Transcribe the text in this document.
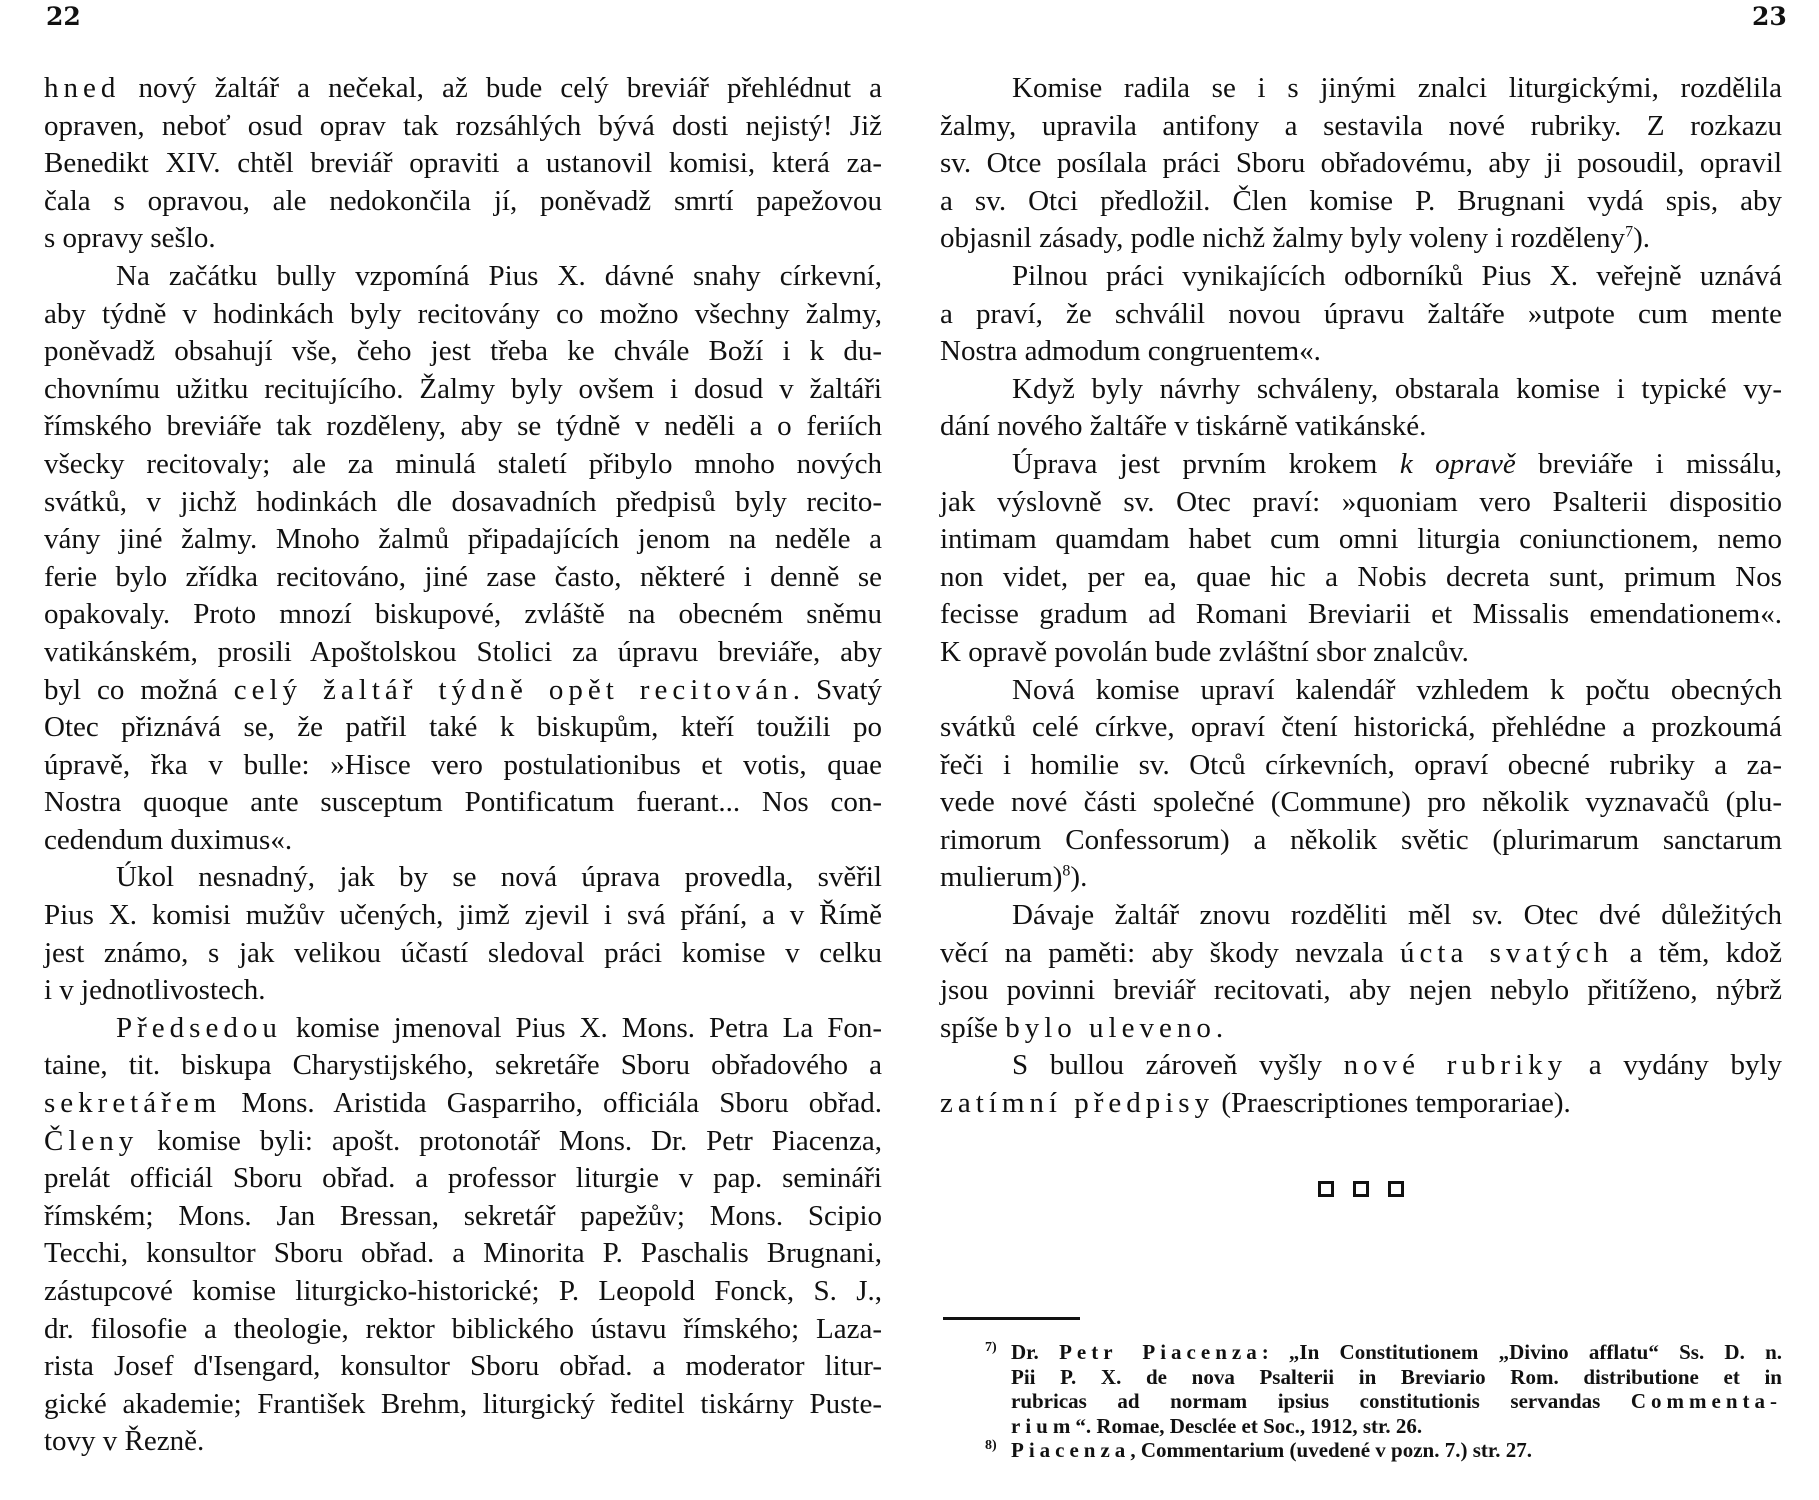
22	23
hned nový žaltář a nečekal, až bude celý breviář přehlédnut a
opraven, neboť osud oprav tak rozsáhlých bývá dosti nejistý! Již
Benedikt XIV. chtěl breviář opraviti a ustanovil komisi, která za-
čala s opravou, ale nedokončila jí, poněvadž smrtí papežovou
s opravy sešlo.
Na začátku bully vzpomíná Pius X. dávné snahy církevní,
aby týdně v hodinkách byly recitovány co možno všechny žalmy,
poněvadž obsahují vše, čeho jest třeba ke chvále Boží i k du-
chovnímu užitku recitujícího. Žalmy byly ovšem i dosud v žaltáři
římského breviáře tak rozděleny, aby se týdně v neděli a o feriích
všecky recitovaly; ale za minulá staletí přibylo mnoho nových
svátků, v jichž hodinkách dle dosavadních předpisů byly recito-
vány jiné žalmy. Mnoho žalmů připadajících jenom na neděle a
ferie bylo zřídka recitováno, jiné zase často, některé i denně se
opakovaly. Proto mnozí biskupové, zvláště na obecném sněmu
vatikánském, prosili Apoštolskou Stolici za úpravu breviáře, aby
byl co možná celý žaltář týdně opět recitován. Svatý
Otec přiznává se, že patřil také k biskupům, kteří toužili po
úpravě, řka v bulle: »Hisce vero postulationibus et votis, quae
Nostra quoque ante susceptum Pontificatum fuerant... Nos con-
cedendum duximus«.
Úkol nesnadný, jak by se nová úprava provedla, svěřil
Pius X. komisi mužův učených, jimž zjevil i svá přání, a v Římě
jest známo, s jak velikou účastí sledoval práci komise v celku
i v jednotlivostech.
Předsedou komise jmenoval Pius X. Mons. Petra La Fon-
taine, tit. biskupa Charystijského, sekretáře Sboru obřadového a
sekretářem Mons. Aristida Gasparriho, officiála Sboru obřad.
Členy komise byli: apošt. protonotář Mons. Dr. Petr Piacenza,
prelát officiál Sboru obřad. a professor liturgie v pap. semináři
římském; Mons. Jan Bressan, sekretář papežův; Mons. Scipio
Tecchi, konsultor Sboru obřad. a Minorita P. Paschalis Brugnani,
zástupcové komise liturgicko-historické; P. Leopold Fonck, S. J.,
dr. filosofie a theologie, rektor biblického ústavu římského; Laza-
rista Josef d'Isengard, konsultor Sboru obřad. a moderator litur-
gické akademie; František Brehm, liturgický ředitel tiskárny Puste-
tovy v Řezně.
Komise radila se i s jinými znalci liturgickými, rozdělila
žalmy, upravila antifony a sestavila nové rubriky. Z rozkazu
sv. Otce posílala práci Sboru obřadovému, aby ji posoudil, opravil
a sv. Otci předložil. Člen komise P. Brugnani vydá spis, aby
objasnil zásady, podle nichž žalmy byly voleny i rozděleny$^7$).
Pilnou práci vynikajících odborníků Pius X. veřejně uznává
a praví, že schválil novou úpravu žaltáře »utpote cum mente
Nostra admodum congruentem«.
Když byly návrhy schváleny, obstarala komise i typické vy-
dání nového žaltáře v tiskárně vatikánské.
Úprava jest prvním krokem k opravě breviáře i missálu,
jak výslovně sv. Otec praví: »quoniam vero Psalterii dispositio
intimam quamdam habet cum omni liturgia coniunctionem, nemo
non videt, per ea, quae hic a Nobis decreta sunt, primum Nos
fecisse gradum ad Romani Breviarii et Missalis emendationem«.
K opravě povolán bude zvláštní sbor znalcův.
Nová komise upraví kalendář vzhledem k počtu obecných
svátků celé církve, opraví čtení historická, přehlédne a prozkoumá
řeči i homilie sv. Otců církevních, opraví obecné rubriky a za-
vede nové části společné (Commune) pro několik vyznavačů (plu-
rimorum Confessorum) a několik světic (plurimarum sanctarum
mulierum)$^8$).
Dávaje žaltář znovu rozděliti měl sv. Otec dvé důležitých
věcí na paměti: aby škody nevzala úcta svatých a těm, kdož
jsou povinni breviář recitovati, aby nejen nebylo přitíženo, nýbrž
spíše bylo uleveno.
S bullou zároveň vyšly nové rubriky a vydány byly
zatímní předpisy (Praescriptiones temporariae).
7) Dr. Petr Piacenza: „In Constitutionem „Divino afflatu“ Ss. D. n.
Pii P. X. de nova Psalterii in Breviario Rom. distributione et in
rubricas ad normam ipsius constitutionis servandas Commenta-
rium“. Romae, Desclée et Soc., 1912, str. 26.
8) Piacenza, Commentarium (uvedené v pozn. 7.) str. 27.
